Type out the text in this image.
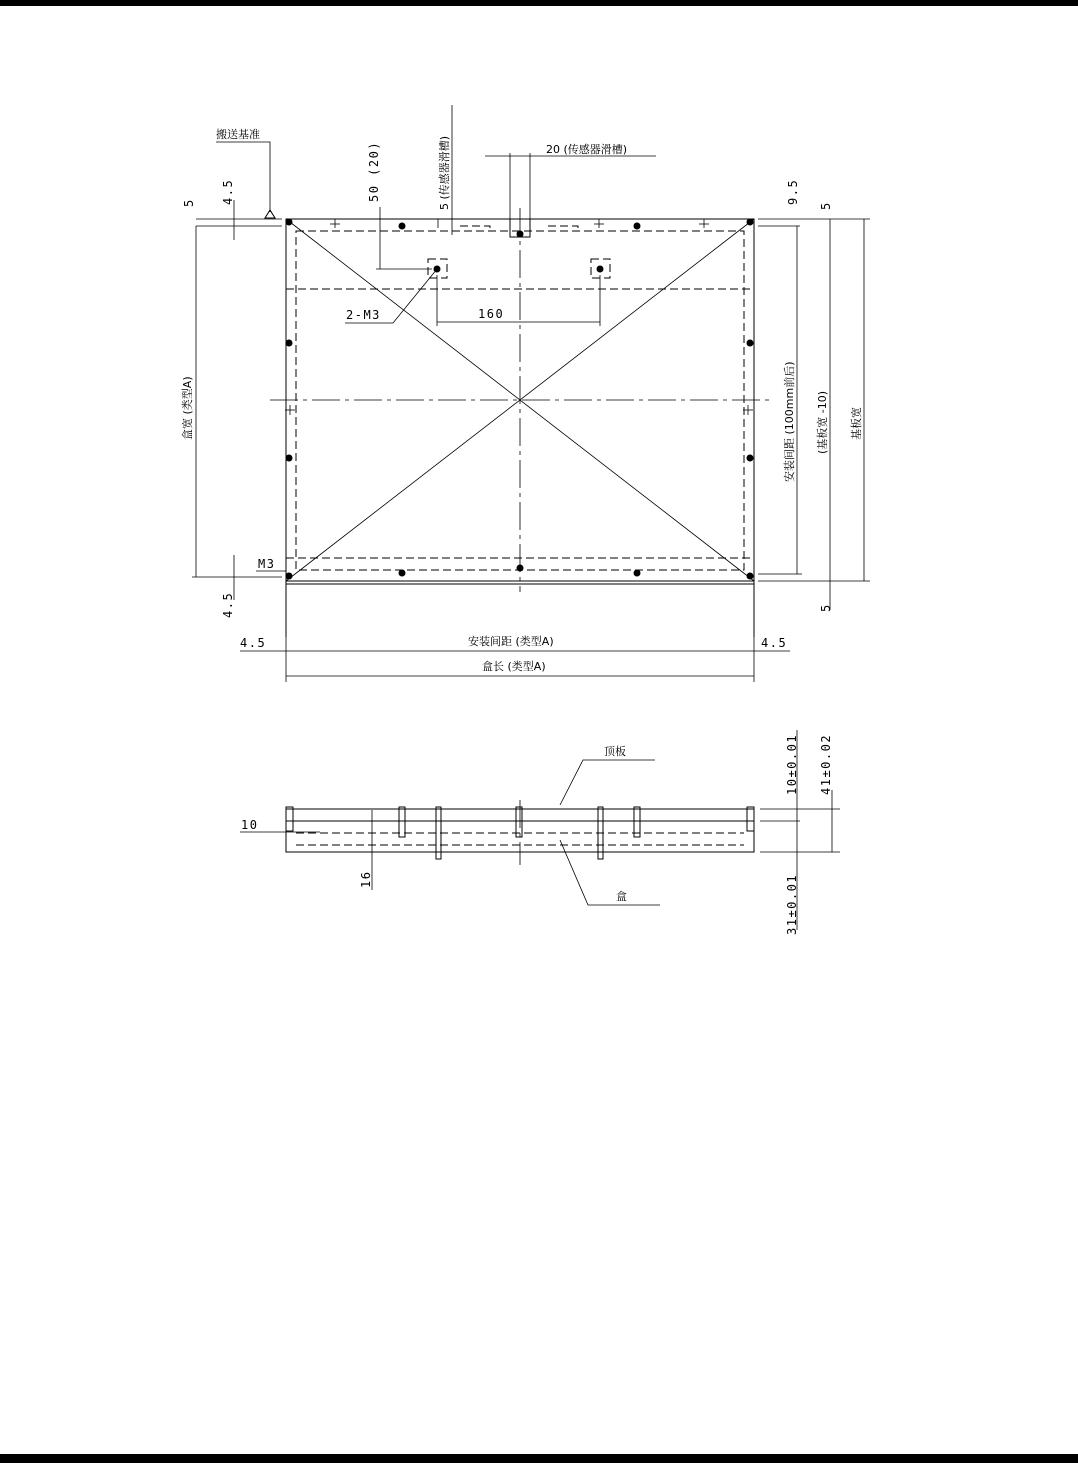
搬送基准
5 4.5	50 (20)	5 (传感器滑槽)	20 (传感器滑槽)
9.5
5
2-M3	160
盒宽 (类型A)
M3
4.5
安装间距 (100mm前后) (基板宽 -10) 基板宽
5
4.5	4.5
安装间距 (类型A)
盒长 (类型A)
顶板
盒
10
16
10±0.01 41±0.02
31±0.01
